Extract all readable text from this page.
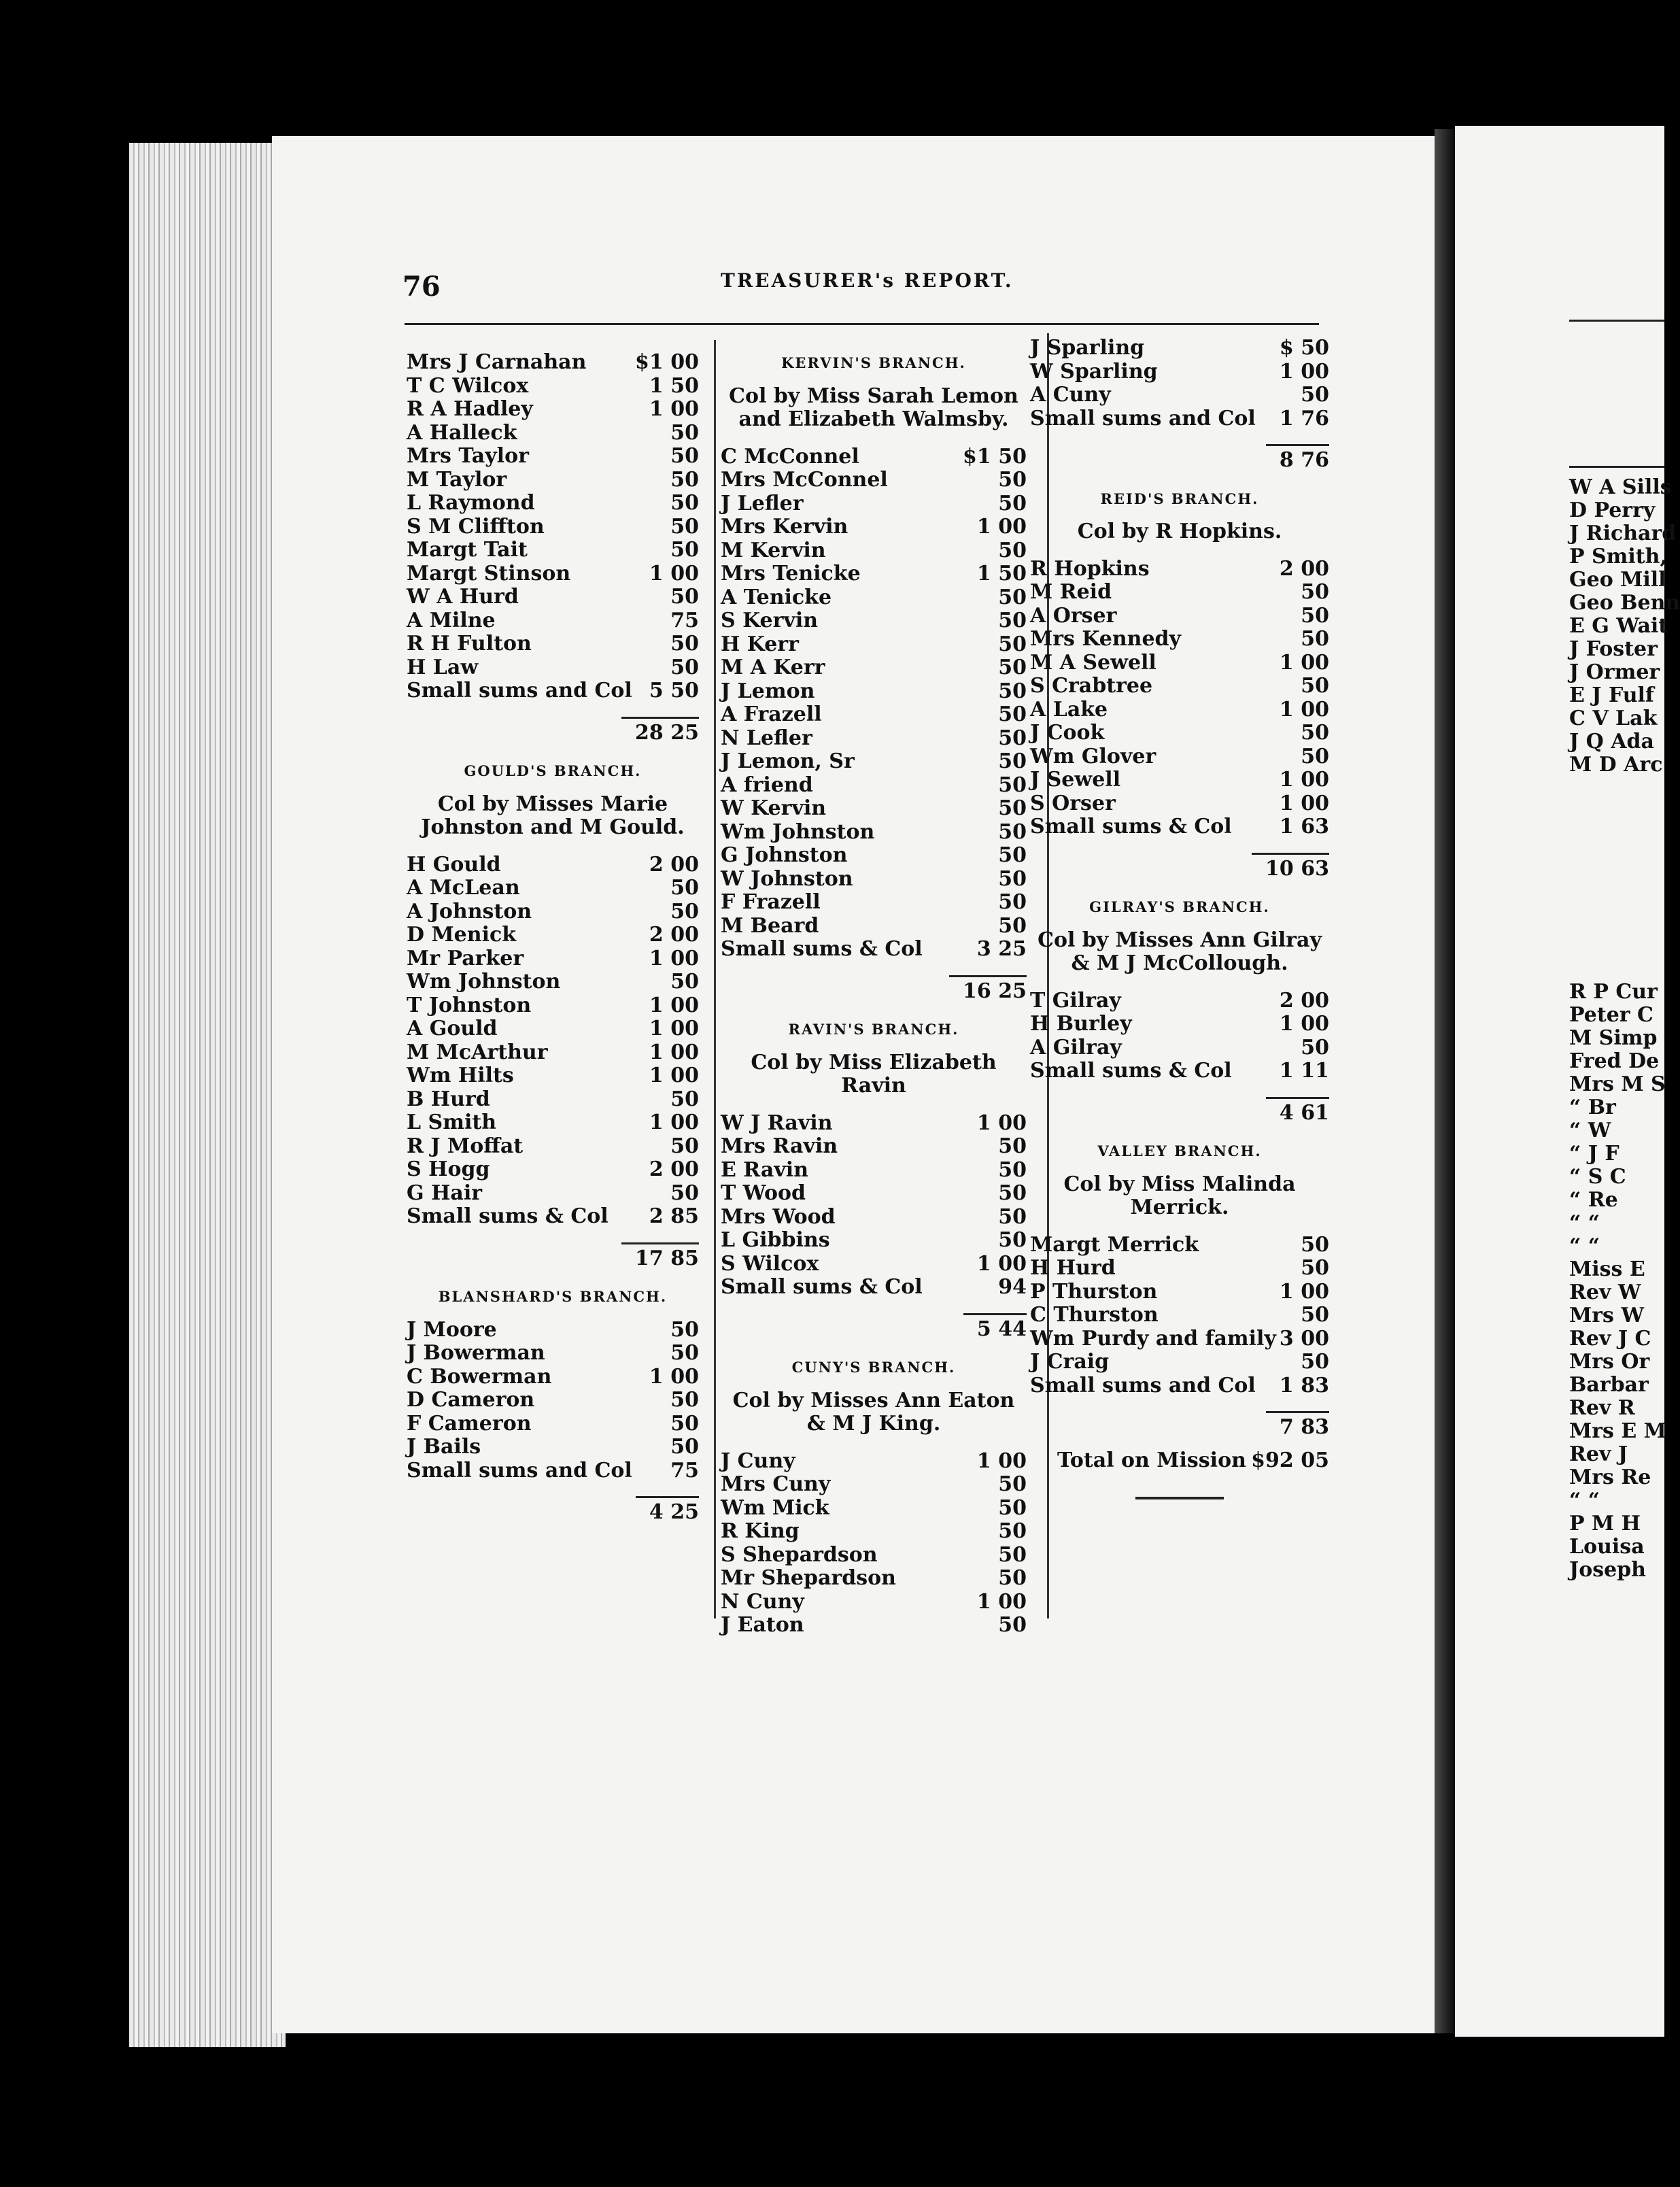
76	TREASURER's REPORT.
Mrs J Carnahan $1 00
T C Wilcox	1 50
R A Hadley	1 00
A Halleck	50
Mrs Taylor	50
M Taylor	50
L Raymond	50
S M Cliffton	50
Margt Tait	50
Margt Stinson	1 00
W A Hurd	50
A Milne	75
R H Fulton	50
H Law	50
Small sums and Col 5 50
28 25
GOULD'S BRANCH.
Col by Misses Marie Johnston and M Gould.
H Gould	2 00
A McLean	50
A Johnston	50
D Menick	2 00
Mr Parker	1 00
Wm Johnston	50
T Johnston	1 00
A Gould	1 00
M McArthur	1 00
Wm Hilts	1 00
B Hurd	50
L Smith	1 00
R J Moffat	50
S Hogg	2 00
G Hair	50
Small sums & Col 2 85
17 85
BLANSHARD'S BRANCH.
J Moore	50
J Bowerman	50
C Bowerman	1 00
D Cameron	50
F Cameron	50
J Bails	50
Small sums and Col 75
4 25
KERVIN'S BRANCH.
Col by Miss Sarah Lemon and Elizabeth Walmsby.
C McConnel	$1 50
Mrs McConnel	50
J Lefler	50
Mrs Kervin	1 00
M Kervin	50
Mrs Tenicke	1 50
A Tenicke	50
S Kervin	50
H Kerr	50
M A Kerr	50
J Lemon	50
A Frazell	50
N Lefler	50
J Lemon, Sr	50
A friend	50
W Kervin	50
Wm Johnston	50
G Johnston	50
W Johnston	50
F Frazell	50
M Beard	50
Small sums & Col	3 25
16 25
RAVIN'S BRANCH.
Col by Miss Elizabeth Ravin
W J Ravin	1 00
Mrs Ravin	50
E Ravin	50
T Wood	50
Mrs Wood	50
L Gibbins	50
S Wilcox	1 00
Small sums & Col	94
5 44
CUNY'S BRANCH.
Col by Misses Ann Eaton & M J King.
J Cuny	1 00
Mrs Cuny	50
Wm Mick	50
R King	50
S Shepardson	50
Mr Shepardson	50
N Cuny	1 00
J Eaton	50
J Sparling	$ 50
W Sparling	1 00
A Cuny	50
Small sums and Col 1 76
8 76
REID'S BRANCH.
Col by R Hopkins.
R Hopkins	2 00
M Reid	50
A Orser	50
Mrs Kennedy	50
M A Sewell	1 00
S Crabtree	50
A Lake	1 00
J Cook	50
Wm Glover	50
J Sewell	1 00
S Orser	1 00
Small sums & Col 1 63
10 63
GILRAY'S BRANCH.
Col by Misses Ann Gilray & M J McCollough.
T Gilray	2 00
H Burley	1 00
A Gilray	50
Small sums & Col 1 11
4 61
VALLEY BRANCH.
Col by Miss Malinda Merrick.
Margt Merrick	50
H Hurd	50
P Thurston	1 00
C Thurston	50
Wm Purdy and family 3 00
J Craig	50
Small sums and Col 1 83
7 83
Total on Mission $92 05
W A Sills
D Perry
J Richard
P Smith,
Geo Mill
Geo Benn
E G Wait
J Foster
J Ormer
E J Fulf
C V Lak
J Q Ada
M D Arc
R P Cur
Peter C
M Simp
Fred De
Mrs M S
“ Br
“ W
“ J F
“ S C
“ Re
“ “
“ “
Miss E
Rev W
Mrs W
Rev J C
Mrs Or
Barbar
Rev R
Mrs E M
Rev J
Mrs Re
“ “
P M H
Louisa
Joseph
